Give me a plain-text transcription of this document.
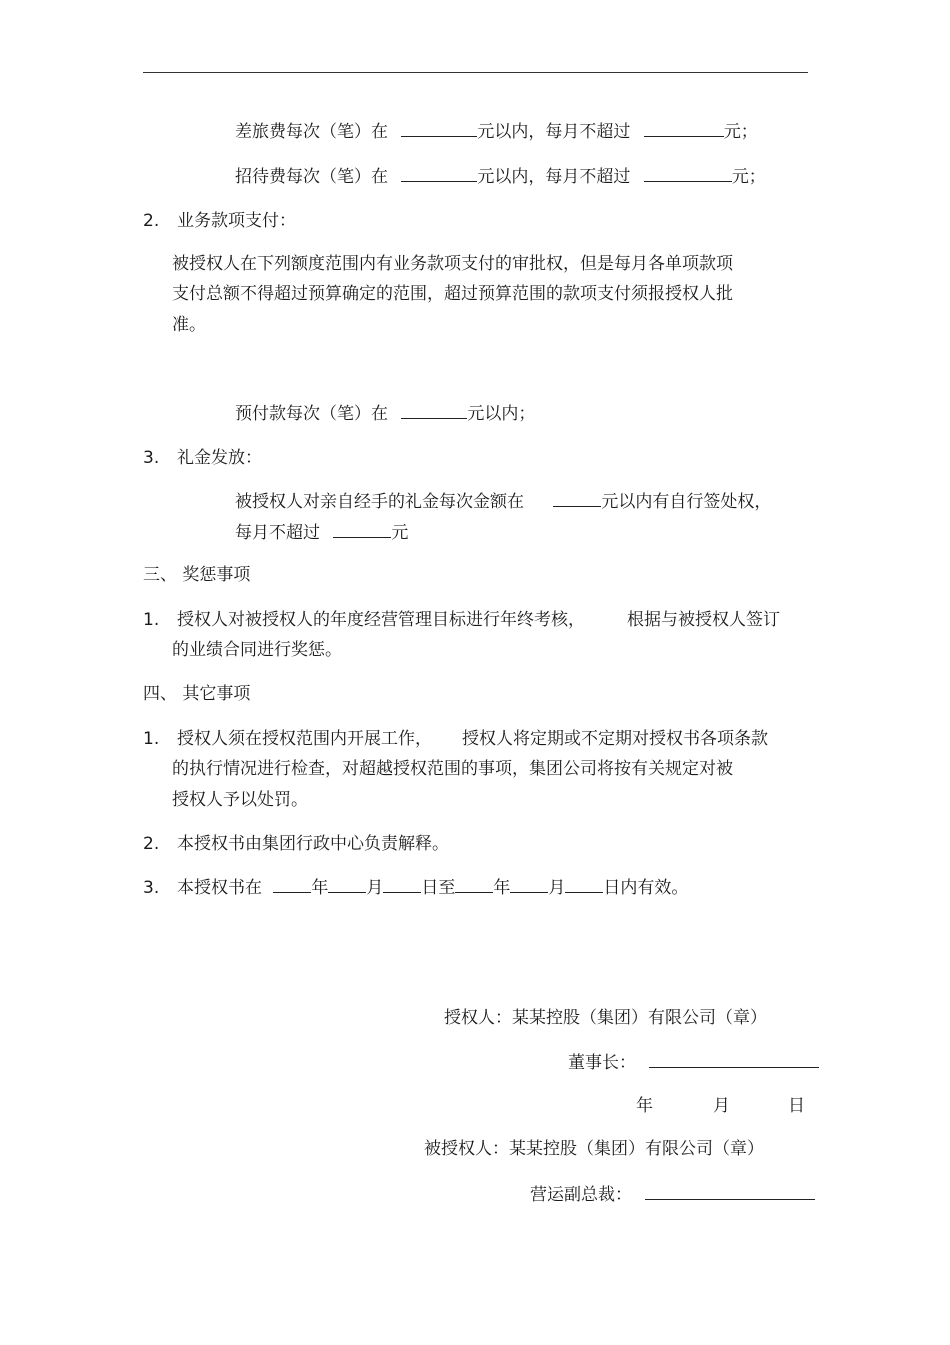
差旅费每次（笔）在	元以内，每月不超过	元；
招待费每次（笔）在	元以内，每月不超过	元；
2. 业务款项支付：
被授权人在下列额度范围内有业务款项支付的审批权，但是每月各单项款项
支付总额不得超过预算确定的范围，超过预算范围的款项支付须报授权人批
准。
预付款每次（笔）在	元以内；
3. 礼金发放：
被授权人对亲自经手的礼金每次金额在	元以内有自行签处权，
每月不超过	元
三、 奖惩事项
1. 授权人对被授权人的年度经营管理目标进行年终考核， 根据与被授权人签订
的业绩合同进行奖惩。
四、 其它事项
1. 授权人须在授权范围内开展工作， 授权人将定期或不定期对授权书各项条款
的执行情况进行检查，对超越授权范围的事项，集团公司将按有关规定对被
授权人予以处罚。
2. 本授权书由集团行政中心负责解释。
3. 本授权书在	年 月 日至 年 月 日内有效。
授权人：某某控股（集团）有限公司（章）
董事长：
年	月	日
被授权人：某某控股（集团）有限公司（章）
营运副总裁：
